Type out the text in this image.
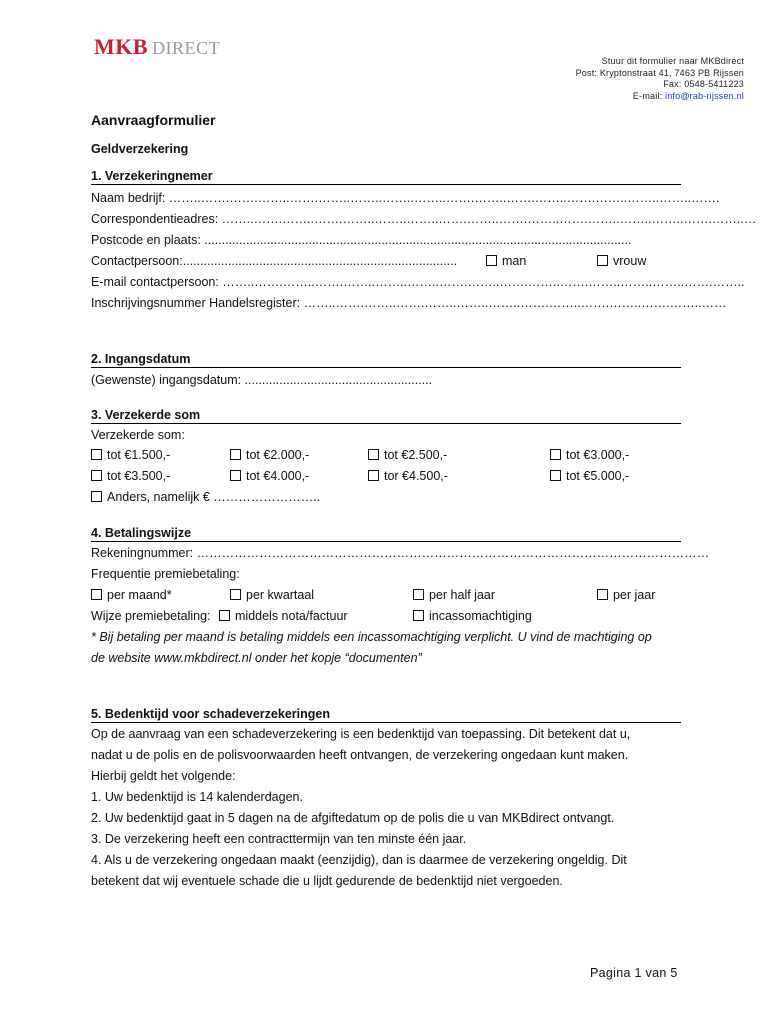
MKB DIRECT
Stuur dit formulier naar MKBdirect
Post: Kryptonstraat 41, 7463 PB Rijssen
Fax: 0548-5411223
E-mail: info@rab-rijssen.nl
Aanvraagformulier
Geldverzekering
1. Verzekeringnemer
Naam bedrijf: ……..…….…….……..…….……..……..……..……..…….……..…….……..…….……..……..……..…….
Correspondentieadres: ……..…….……..…….……..……..……..…….……..…….……..…….……..……..……..…….……..…
Postcode en plaats: ...........................................................................................................................
Contactpersoon:...............................................................................	man	vrouw
E-mail contactpersoon: ……..…….……..…….……..……..……..…….……..…….……..…….……..……..……..…….……..
Inschrijvingsnummer Handelsregister: ……..…….……..…….……..……..……..…….……..…….……..…….……..……
2. Ingangsdatum
(Gewenste) ingangsdatum: ......................................................
3. Verzekerde som
Verzekerde som:
tot €1.500,-	tot €2.000,-	tot €2.500,-	tot €3.000,-
tot €3.500,-	tot €4.000,-	tor €4.500,-	tot €5.000,-
Anders, namelijk € ……………………..
4. Betalingswijze
Rekeningnummer: ……………………………………………………………………………………………………………
Frequentie premiebetaling:
per maand*	per kwartaal	per half jaar	per jaar
Wijze premiebetaling:	middels nota/factuur	incassomachtiging
* Bij betaling per maand is betaling middels een incassomachtiging verplicht. U vind de machtiging op
de website www.mkbdirect.nl onder het kopje “documenten”
5. Bedenktijd voor schadeverzekeringen
Op de aanvraag van een schadeverzekering is een bedenktijd van toepassing. Dit betekent dat u,
nadat u de polis en de polisvoorwaarden heeft ontvangen, de verzekering ongedaan kunt maken.
Hierbij geldt het volgende:
1. Uw bedenktijd is 14 kalenderdagen.
2. Uw bedenktijd gaat in 5 dagen na de afgiftedatum op de polis die u van MKBdirect ontvangt.
3. De verzekering heeft een contracttermijn van ten minste één jaar.
4. Als u de verzekering ongedaan maakt (eenzijdig), dan is daarmee de verzekering ongeldig. Dit
betekent dat wij eventuele schade die u lijdt gedurende de bedenktijd niet vergoeden.
Pagina 1 van 5
